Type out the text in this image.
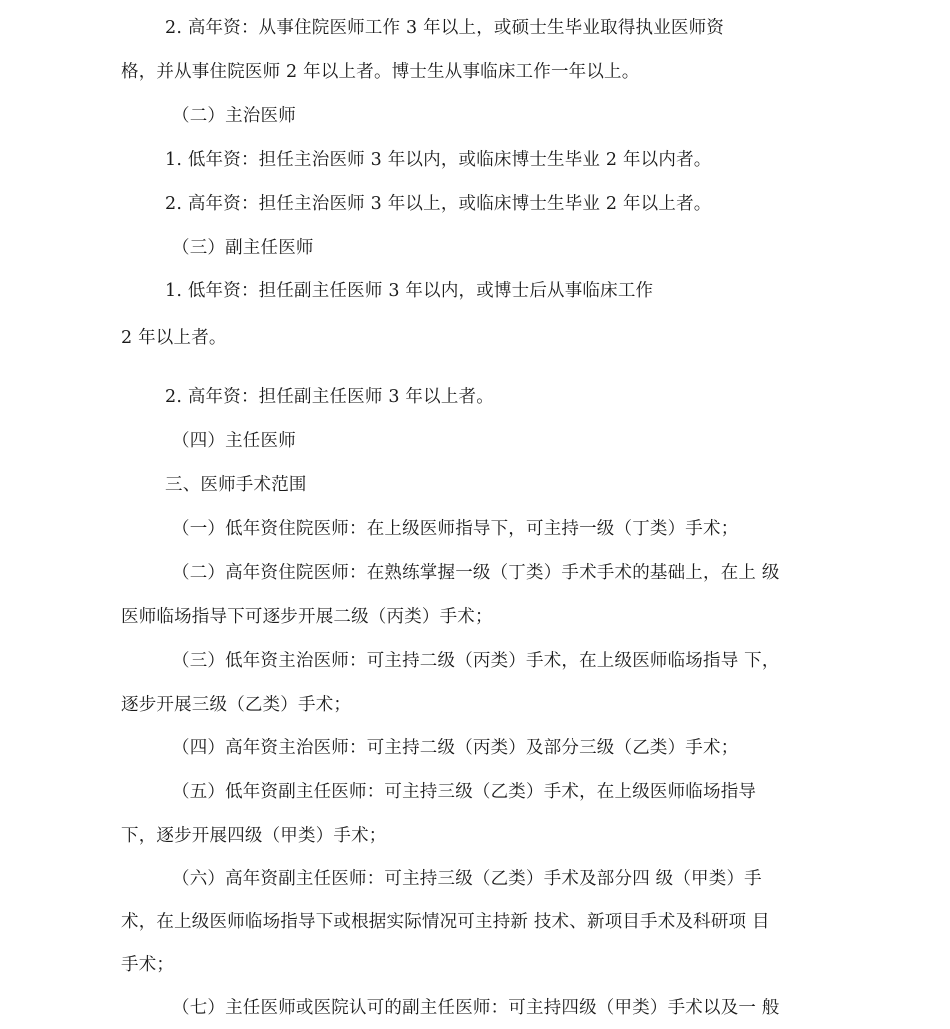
2. 高年资：从事住院医师工作 3 年以上，或硕士生毕业取得执业医师资
格，并从事住院医师 2 年以上者。博士生从事临床工作一年以上。
（二）主治医师
1. 低年资：担任主治医师 3 年以内，或临床博士生毕业 2 年以内者。
2. 高年资：担任主治医师 3 年以上，或临床博士生毕业 2 年以上者。
（三）副主任医师
1. 低年资：担任副主任医师 3 年以内，或博士后从事临床工作
2 年以上者。
2. 高年资：担任副主任医师 3 年以上者。
（四）主任医师
三、医师手术范围
（一）低年资住院医师：在上级医师指导下，可主持一级（丁类）手术；
（二）高年资住院医师：在熟练掌握一级（丁类）手术手术的基础上，在上 级
医师临场指导下可逐步开展二级（丙类）手术；
（三）低年资主治医师：可主持二级（丙类）手术，在上级医师临场指导 下，
逐步开展三级（乙类）手术；
（四）高年资主治医师：可主持二级（丙类）及部分三级（乙类）手术；
（五）低年资副主任医师：可主持三级（乙类）手术，在上级医师临场指导
下，逐步开展四级（甲类）手术；
（六）高年资副主任医师：可主持三级（乙类）手术及部分四 级（甲类）手
术，在上级医师临场指导下或根据实际情况可主持新 技术、新项目手术及科研项 目
手术；
（七）主任医师或医院认可的副主任医师：可主持四级（甲类）手术以及一 般
